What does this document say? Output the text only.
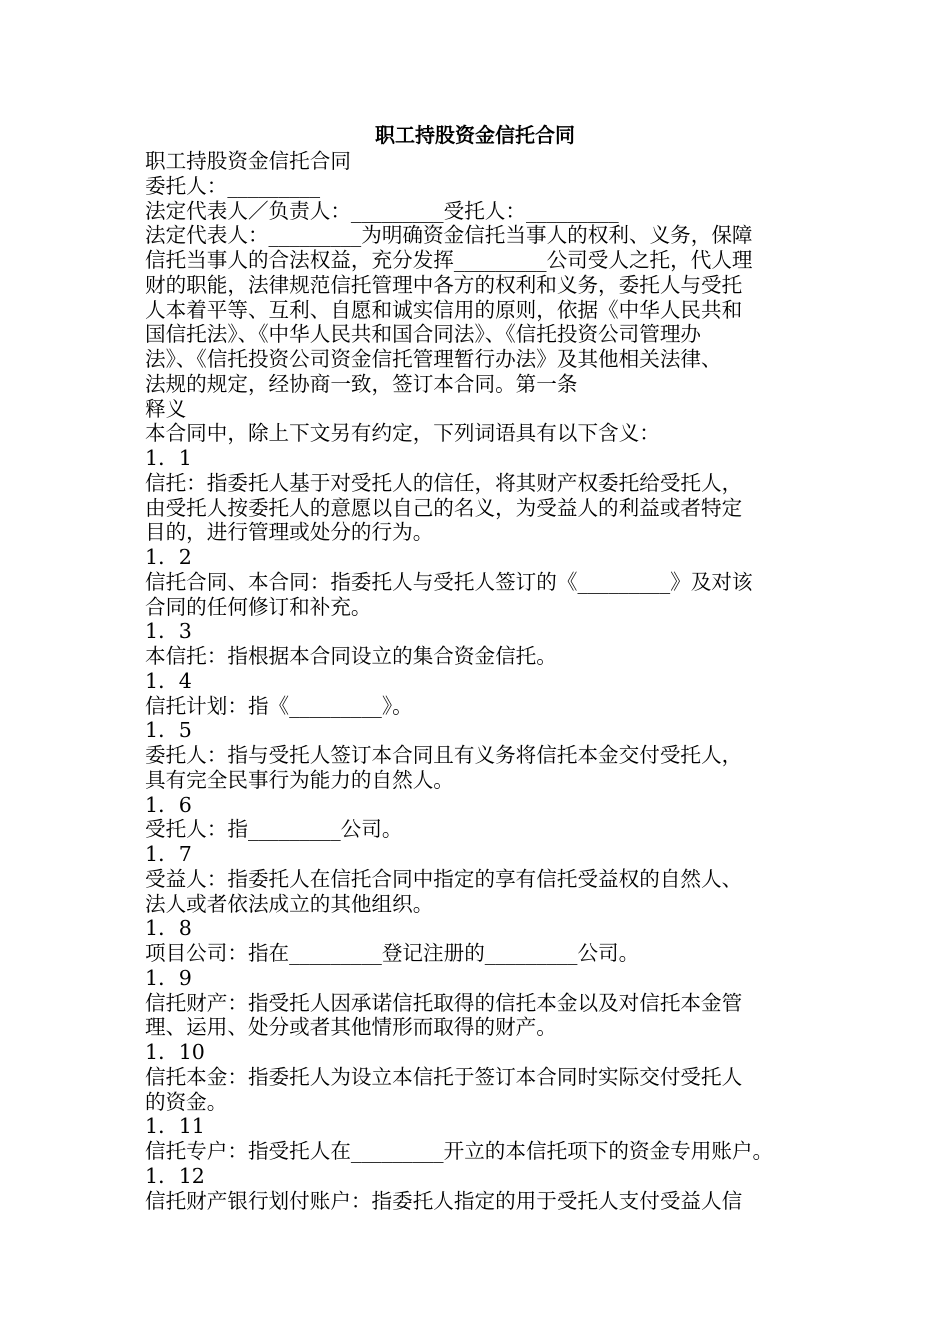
职工持股资金信托合同
职工持股资金信托合同
委托人：_________
法定代表人／负责人：_________受托人：_________
法定代表人：_________为明确资金信托当事人的权利、义务，保障
信托当事人的合法权益，充分发挥_________公司受人之托，代人理
财的职能，法律规范信托管理中各方的权利和义务，委托人与受托
人本着平等、互利、自愿和诚实信用的原则，依据《中华人民共和
国信托法》、《中华人民共和国合同法》、《信托投资公司管理办
法》、《信托投资公司资金信托管理暂行办法》及其他相关法律、
法规的规定，经协商一致，签订本合同。第一条
释义
本合同中，除上下文另有约定，下列词语具有以下含义：
1．1
信托：指委托人基于对受托人的信任，将其财产权委托给受托人，
由受托人按委托人的意愿以自己的名义，为受益人的利益或者特定
目的，进行管理或处分的行为。
1．2
信托合同、本合同：指委托人与受托人签订的《_________》及对该
合同的任何修订和补充。
1．3
本信托：指根据本合同设立的集合资金信托。
1．4
信托计划：指《_________》。
1．5
委托人：指与受托人签订本合同且有义务将信托本金交付受托人，
具有完全民事行为能力的自然人。
1．6
受托人：指_________公司。
1．7
受益人：指委托人在信托合同中指定的享有信托受益权的自然人、
法人或者依法成立的其他组织。
1．8
项目公司：指在_________登记注册的_________公司。
1．9
信托财产：指受托人因承诺信托取得的信托本金以及对信托本金管
理、运用、处分或者其他情形而取得的财产。
1．10
信托本金：指委托人为设立本信托于签订本合同时实际交付受托人
的资金。
1．11
信托专户：指受托人在_________开立的本信托项下的资金专用账户。
1．12
信托财产银行划付账户：指委托人指定的用于受托人支付受益人信
